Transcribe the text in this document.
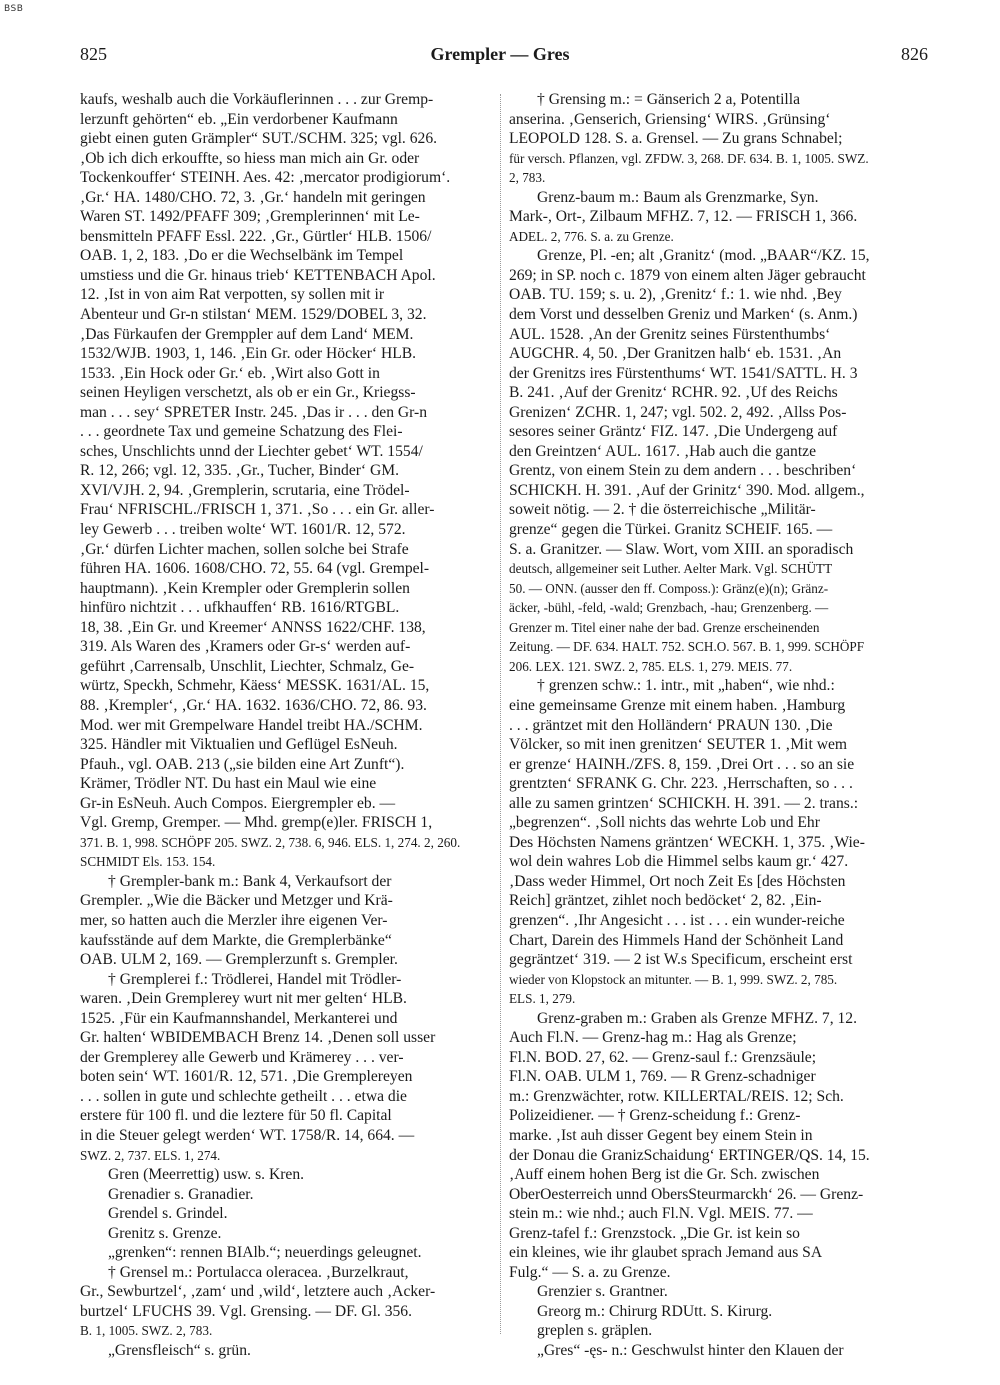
BSB
825	Grempler — Gres	826
kaufs, weshalb auch die Vorkäuflerinnen . . . zur Gremp-
lerzunft gehörten“ eb. „Ein verdorbener Kaufmann
giebt einen guten Grämpler“ SUT./SCHM. 325; vgl. 626.
‚Ob ich dich erkouffte, so hiess man mich ain Gr. oder
Tockenkouffer‘ STEINH. Aes. 42: ‚mercator prodigiorum‘.
‚Gr.‘ HA. 1480/CHO. 72, 3. ‚Gr.‘ handeln mit geringen
Waren ST. 1492/PFAFF 309; ‚Gremplerinnen‘ mit Le-
bensmitteln PFAFF Essl. 222. ‚Gr., Gürtler‘ HLB. 1506/
OAB. 1, 2, 183. ‚Do er die Wechselbänk im Tempel
umstiess und die Gr. hinaus trieb‘ KETTENBACH Apol.
12. ‚Ist in von aim Rat verpotten, sy sollen mit ir
Abenteur und Gr-n stilstan‘ MEM. 1529/DOBEL 3, 32.
‚Das Fürkaufen der Gremppler auf dem Land‘ MEM.
1532/WJB. 1903, 1, 146. ‚Ein Gr. oder Höcker‘ HLB.
1533. ‚Ein Hock oder Gr.‘ eb. ‚Wirt also Gott in
seinen Heyligen verschetzt, als ob er ein Gr., Kriegss-
man . . . sey‘ SPRETER Instr. 245. ‚Das ir . . . den Gr-n
. . . geordnete Tax und gemeine Schatzung des Flei-
sches, Unschlichts unnd der Liechter gebet‘ WT. 1554/
R. 12, 266; vgl. 12, 335. ‚Gr., Tucher, Binder‘ GM.
XVI/VJH. 2, 94. ‚Gremplerin, scrutaria, eine Trödel-
Frau‘ NFRISCHL./FRISCH 1, 371. ‚So . . . ein Gr. aller-
ley Gewerb . . . treiben wolte‘ WT. 1601/R. 12, 572.
‚Gr.‘ dürfen Lichter machen, sollen solche bei Strafe
führen HA. 1606. 1608/CHO. 72, 55. 64 (vgl. Grempel-
hauptmann). ‚Kein Krempler oder Gremplerin sollen
hinfüro nichtzit . . . ufkhauffen‘ RB. 1616/RTGBL.
18, 38. ‚Ein Gr. und Kreemer‘ ANNSS 1622/CHF. 138,
319. Als Waren des ‚Kramers oder Gr-s‘ werden auf-
geführt ‚Carrensalb, Unschlit, Liechter, Schmalz, Ge-
würtz, Speckh, Schmehr, Käess‘ MESSK. 1631/AL. 15,
88. ‚Krempler‘, ‚Gr.‘ HA. 1632. 1636/CHO. 72, 86. 93.
Mod. wer mit Grempelware Handel treibt HA./SCHM.
325. Händler mit Viktualien und Geflügel EsNeuh.
Pfauh., vgl. OAB. 213 („sie bilden eine Art Zunft“).
Krämer, Trödler NT. Du hast ein Maul wie eine
Gr-in EsNeuh. Auch Compos. Eiergrempler eb. —
Vgl. Gremp, Gremper. — Mhd. gremp(e)ler. FRISCH 1,
371. B. 1, 998. SCHÖPF 205. SWZ. 2, 738. 6, 946. ELS. 1, 274. 2, 260.
SCHMIDT Els. 153. 154.
† Grempler-bank m.: Bank 4, Verkaufsort der
Grempler. „Wie die Bäcker und Metzger und Krä-
mer, so hatten auch die Merzler ihre eigenen Ver-
kaufsstände auf dem Markte, die Gremplerbänke“
OAB. ULM 2, 169. — Gremplerzunft s. Grempler.
† Gremplerei f.: Trödlerei, Handel mit Trödler-
waren. ‚Dein Gremplerey wurt nit mer gelten‘ HLB.
1525. ‚Für ein Kaufmannshandel, Merkanterei und
Gr. halten‘ WBIDEMBACH Brenz 14. ‚Denen soll usser
der Gremplerey alle Gewerb und Krämerey . . . ver-
boten sein‘ WT. 1601/R. 12, 571. ‚Die Gremplereyen
. . . sollen in gute und schlechte getheilt . . . etwa die
erstere für 100 fl. und die leztere für 50 fl. Capital
in die Steuer gelegt werden‘ WT. 1758/R. 14, 664. —
SWZ. 2, 737. ELS. 1, 274.
Gren (Meerrettig) usw. s. Kren.
Grenadier s. Granadier.
Grendel s. Grindel.
Grenitz s. Grenze.
„grenken“: rennen BIAlb.“; neuerdings geleugnet.
† Grensel m.: Portulacca oleracea. ‚Burzelkraut,
Gr., Sewburtzel‘, ‚zam‘ und ‚wild‘, letztere auch ‚Acker-
burtzel‘ LFUCHS 39. Vgl. Grensing. — DF. Gl. 356.
B. 1, 1005. SWZ. 2, 783.
„Grensfleisch“ s. grün.
† Grensing m.: = Gänserich 2 a, Potentilla
anserina. ‚Genserich, Griensing‘ WIRS. ‚Grünsing‘
LEOPOLD 128. S. a. Grensel. — Zu grans Schnabel;
für versch. Pflanzen, vgl. ZFDW. 3, 268. DF. 634. B. 1, 1005. SWZ.
2, 783.
Grenz-baum m.: Baum als Grenzmarke, Syn.
Mark-, Ort-, Zilbaum MFHZ. 7, 12. — FRISCH 1, 366.
ADEL. 2, 776. S. a. zu Grenze.
Grenze, Pl. -en; alt ‚Granitz‘ (mod. „BAAR“/KZ. 15,
269; in SP. noch c. 1879 von einem alten Jäger gebraucht
OAB. TU. 159; s. u. 2), ‚Grenitz‘ f.: 1. wie nhd. ‚Bey
dem Vorst und desselben Greniz und Marken‘ (s. Anm.)
AUL. 1528. ‚An der Grenitz seines Fürstenthumbs‘
AUGCHR. 4, 50. ‚Der Granitzen halb‘ eb. 1531. ‚An
der Grenitzs ires Fürstenthums‘ WT. 1541/SATTL. H. 3
B. 241. ‚Auf der Grenitz‘ RCHR. 92. ‚Uf des Reichs
Grenizen‘ ZCHR. 1, 247; vgl. 502. 2, 492. ‚Allss Pos-
sesores seiner Gräntz‘ FIZ. 147. ‚Die Undergeng auf
den Greintzen‘ AUL. 1617. ‚Hab auch die gantze
Grentz, von einem Stein zu dem andern . . . beschriben‘
SCHICKH. H. 391. ‚Auf der Grinitz‘ 390. Mod. allgem.,
soweit nötig. — 2. † die österreichische „Militär-
grenze“ gegen die Türkei. Granitz SCHEIF. 165. —
S. a. Granitzer. — Slaw. Wort, vom XIII. an sporadisch
deutsch, allgemeiner seit Luther. Aelter Mark. Vgl. SCHÜTT
50. — ONN. (ausser den ff. Composs.): Gränz(e)(n); Gränz-
äcker, -bühl, -feld, -wald; Grenzbach, -hau; Grenzenberg. —
Grenzer m. Titel einer nahe der bad. Grenze erscheinenden
Zeitung. — DF. 634. HALT. 752. SCH.O. 567. B. 1, 999. SCHÖPF
206. LEX. 121. SWZ. 2, 785. ELS. 1, 279. MEIS. 77.
† grenzen schw.: 1. intr., mit „haben“, wie nhd.:
eine gemeinsame Grenze mit einem haben. ‚Hamburg
. . . gräntzet mit den Holländern‘ PRAUN 130. ‚Die
Völcker, so mit inen grenitzen‘ SEUTER 1. ‚Mit wem
er grenze‘ HAINH./ZFS. 8, 159. ‚Drei Ort . . . so an sie
grentzten‘ SFRANK G. Chr. 223. ‚Herrschaften, so . . .
alle zu samen grintzen‘ SCHICKH. H. 391. — 2. trans.:
„begrenzen“. ‚Soll nichts das wehrte Lob und Ehr
Des Höchsten Namens gräntzen‘ WECKH. 1, 375. ‚Wie-
wol dein wahres Lob die Himmel selbs kaum gr.‘ 427.
‚Dass weder Himmel, Ort noch Zeit Es [des Höchsten
Reich] gräntzet, zihlet noch bedöcket‘ 2, 82. ‚Ein-
grenzen“. ‚Ihr Angesicht . . . ist . . . ein wunder-reiche
Chart, Darein des Himmels Hand der Schönheit Land
gegräntzet‘ 319. — 2 ist W.s Specificum, erscheint erst
wieder von Klopstock an mitunter. — B. 1, 999. SWZ. 2, 785.
ELS. 1, 279.
Grenz-graben m.: Graben als Grenze MFHZ. 7, 12.
Auch Fl.N. — Grenz-hag m.: Hag als Grenze;
Fl.N. BOD. 27, 62. — Grenz-saul f.: Grenzsäule;
Fl.N. OAB. ULM 1, 769. — R Grenz-schadniger
m.: Grenzwächter, rotw. KILLERTAL/REIS. 12; Sch.
Polizeidiener. — † Grenz-scheidung f.: Grenz-
marke. ‚Ist auh disser Gegent bey einem Stein in
der Donau die GranizSchaidung‘ ERTINGER/QS. 14, 15.
‚Auff einem hohen Berg ist die Gr. Sch. zwischen
OberOesterreich unnd ObersSteurmarckh‘ 26. — Grenz-
stein m.: wie nhd.; auch Fl.N. Vgl. MEIS. 77. —
Grenz-tafel f.: Grenzstock. „Die Gr. ist kein so
ein kleines, wie ihr glaubet sprach Jemand aus SA
Fulg.“ — S. a. zu Grenze.
Grenzier s. Grantner.
Greorg m.: Chirurg RDUtt. S. Kirurg.
greplen s. gräplen.
„Gres“ -ęs- n.: Geschwulst hinter den Klauen der
